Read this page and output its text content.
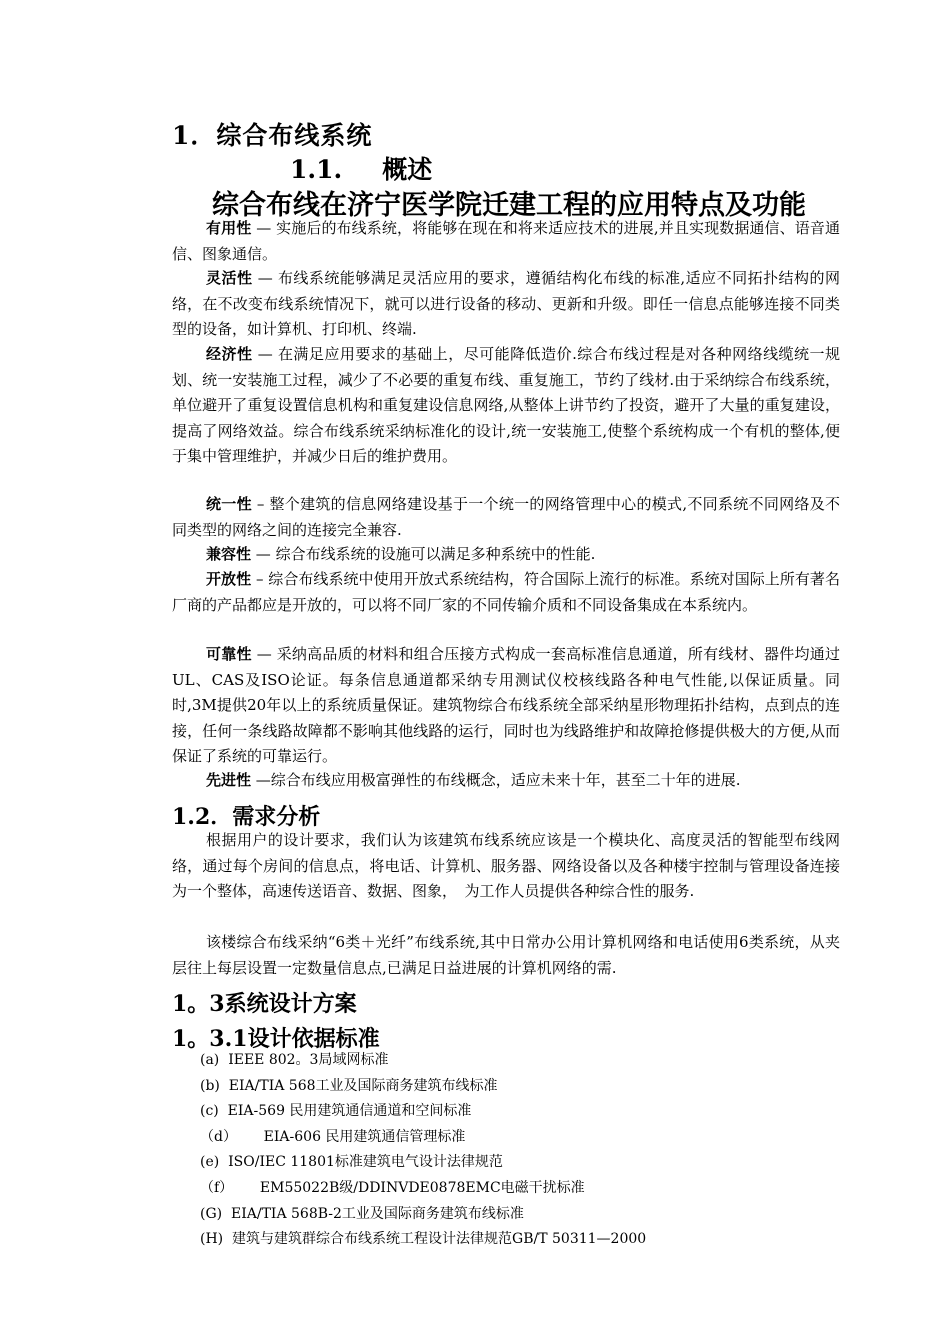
1．综合布线系统
1.1. 概述
综合布线在济宁医学院迁建工程的应用特点及功能

有用性 — 实施后的布线系统，将能够在现在和将来适应技术的进展,并且实现数据通信、语音通信、图象通信。

灵活性 — 布线系统能够满足灵活应用的要求，遵循结构化布线的标准,适应不同拓扑结构的网络，在不改变布线系统情况下，就可以进行设备的移动、更新和升级。即任一信息点能够连接不同类型的设备，如计算机、打印机、终端.

经济性 — 在满足应用要求的基础上，尽可能降低造价.综合布线过程是对各种网络线缆统一规划、统一安装施工过程，减少了不必要的重复布线、重复施工，节约了线材.由于采纳综合布线系统，单位避开了重复设置信息机构和重复建设信息网络,从整体上讲节约了投资，避开了大量的重复建设，提高了网络效益。综合布线系统采纳标准化的设计,统一安装施工,使整个系统构成一个有机的整体,便于集中管理维护，并减少日后的维护费用。

统一性 – 整个建筑的信息网络建设基于一个统一的网络管理中心的模式,不同系统不同网络及不同类型的网络之间的连接完全兼容.

兼容性 — 综合布线系统的设施可以满足多种系统中的性能.

开放性 – 综合布线系统中使用开放式系统结构，符合国际上流行的标准。系统对国际上所有著名厂商的产品都应是开放的，可以将不同厂家的不同传输介质和不同设备集成在本系统内。

可靠性 — 采纳高品质的材料和组合压接方式构成一套高标准信息通道，所有线材、器件均通过UL、CAS及ISO论证。每条信息通道都采纳专用测试仪校核线路各种电气性能,以保证质量。同时,3M提供20年以上的系统质量保证。建筑物综合布线系统全部采纳星形物理拓扑结构，点到点的连接，任何一条线路故障都不影响其他线路的运行，同时也为线路维护和故障抢修提供极大的方便,从而保证了系统的可靠运行。

先进性 —综合布线应用极富弹性的布线概念，适应未来十年，甚至二十年的进展.

1.2．需求分析

根据用户的设计要求，我们认为该建筑布线系统应该是一个模块化、高度灵活的智能型布线网络，通过每个房间的信息点，将电话、计算机、服务器、网络设备以及各种楼宇控制与管理设备连接为一个整体，高速传送语音、数据、图象，　为工作人员提供各种综合性的服务.

该楼综合布线采纳“6类＋光纤”布线系统,其中日常办公用计算机网络和电话使用6类系统，从夹层往上每层设置一定数量信息点,已满足日益进展的计算机网络的需.

1。3系统设计方案
1。3.1设计依据标准
(a) IEEE 802。3局域网标准
(b) EIA/TIA 568工业及国际商务建筑布线标准
(c) EIA-569 民用建筑通信通道和空间标准
（d） EIA-606 民用建筑通信管理标准
(e) ISO/IEC 11801标准建筑电气设计法律规范
（f） EM55022B级/DDINVDE0878EMC电磁干扰标准
(G) EIA/TIA 568B-2工业及国际商务建筑布线标准
(H) 建筑与建筑群综合布线系统工程设计法律规范GB/T 50311—2000
